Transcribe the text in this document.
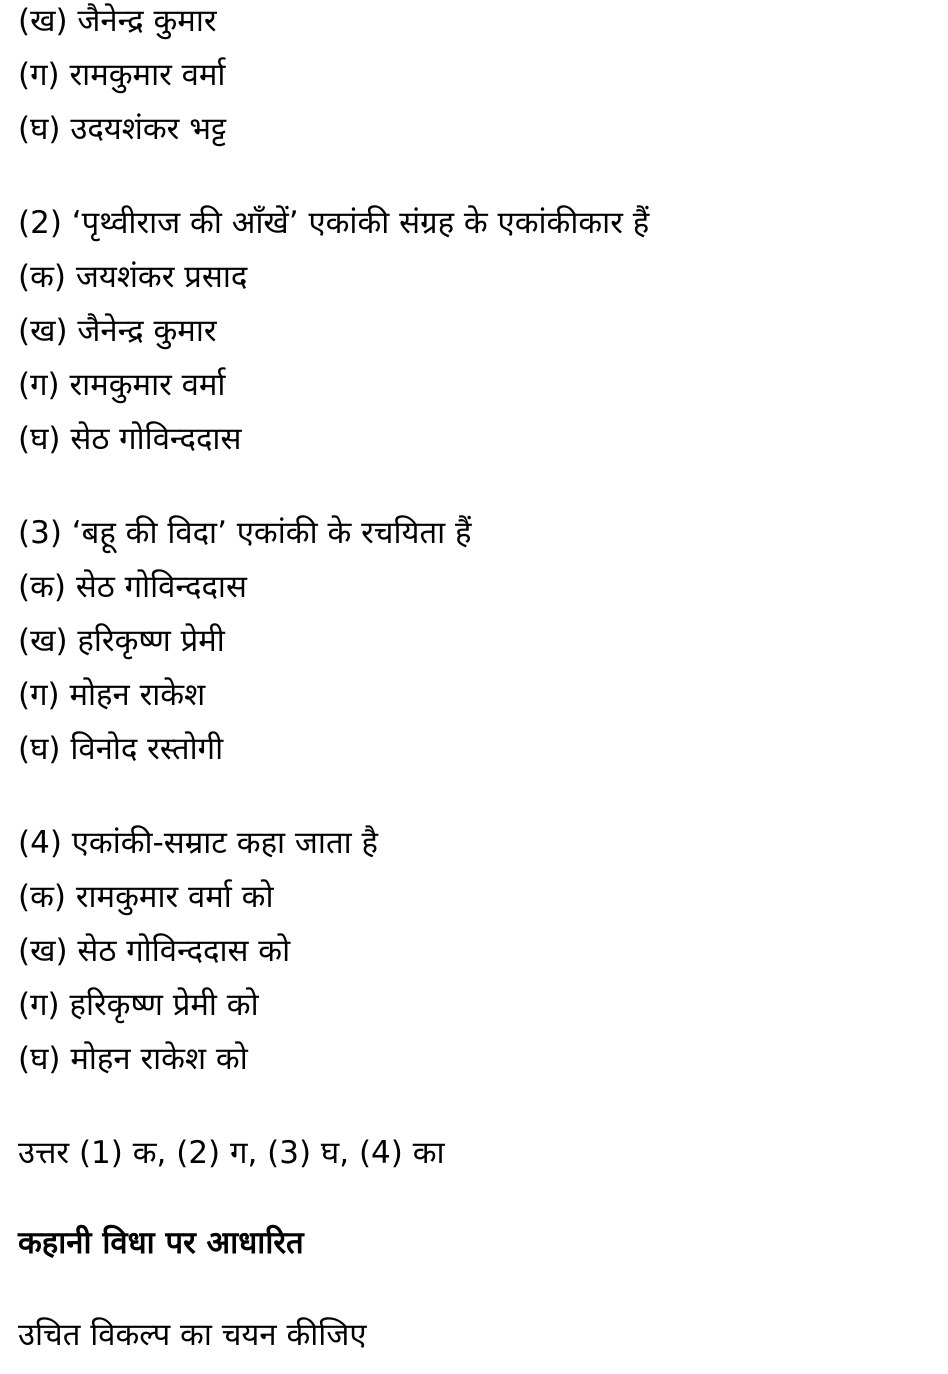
(ख) जैनेन्द्र कुमार
(ग) रामकुमार वर्मा
(घ) उदयशंकर भट्ट
(2) ‘पृथ्वीराज की आँखें’ एकांकी संग्रह के एकांकीकार हैं
(क) जयशंकर प्रसाद
(ख) जैनेन्द्र कुमार
(ग) रामकुमार वर्मा
(घ) सेठ गोविन्ददास
(3) ‘बहू की विदा’ एकांकी के रचयिता हैं
(क) सेठ गोविन्ददास
(ख) हरिकृष्ण प्रेमी
(ग) मोहन राकेश
(घ) विनोद रस्तोगी
(4) एकांकी-सम्राट कहा जाता है
(क) रामकुमार वर्मा को
(ख) सेठ गोविन्ददास को
(ग) हरिकृष्ण प्रेमी को
(घ) मोहन राकेश को
उत्तर (1) क, (2) ग, (3) घ, (4) का
कहानी विधा पर आधारित
उचित विकल्प का चयन कीजिए
